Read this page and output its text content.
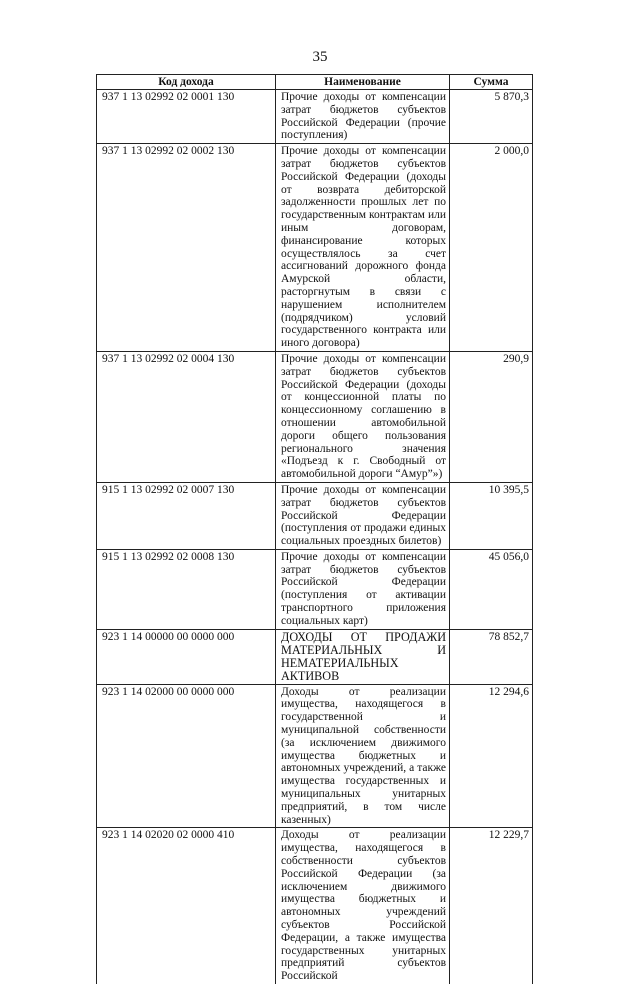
35
Код дохода	Наименование	Сумма
937 1 13 02992 02 0001 130	Прочие доходы от компенсации затрат бюджетов субъектов Российской Федерации (прочие поступления)	5 870,3
937 1 13 02992 02 0002 130	Прочие доходы от компенсации затрат бюджетов субъектов Российской Федерации (доходы от возврата дебиторской задолженности прошлых лет по государственным контрактам или иным договорам, финансирование которых осуществлялось за счет ассигнований дорожного фонда Амурской области, расторгнутым в связи с нарушением исполнителем (подрядчиком) условий государственного контракта или иного договора)	2 000,0
937 1 13 02992 02 0004 130	Прочие доходы от компенсации затрат бюджетов субъектов Российской Федерации (доходы от концессионной платы по концессионному соглашению в отношении автомобильной дороги общего пользования регионального значения «Подъезд к г. Свободный от автомобильной дороги “Амур”»)	290,9
915 1 13 02992 02 0007 130	Прочие доходы от компенсации затрат бюджетов субъектов Российской Федерации (поступления от продажи единых социальных проездных билетов)	10 395,5
915 1 13 02992 02 0008 130	Прочие доходы от компенсации затрат бюджетов субъектов Российской Федерации (поступления от активации транспортного приложения социальных карт)	45 056,0
923 1 14 00000 00 0000 000	ДОХОДЫ ОТ ПРОДАЖИ МАТЕРИАЛЬНЫХ И НЕМАТЕРИАЛЬНЫХ АКТИВОВ	78 852,7
923 1 14 02000 00 0000 000	Доходы от реализации имущества, находящегося в государственной и муниципальной собственности (за исключением движимого имущества бюджетных и автономных учреждений, а также имущества государственных и муниципальных унитарных предприятий, в том числе казенных)	12 294,6
923 1 14 02020 02 0000 410	Доходы от реализации имущества, находящегося в собственности субъектов Российской Федерации (за исключением движимого имущества бюджетных и автономных учреждений субъектов Российской Федерации, а также имущества государственных унитарных предприятий субъектов Российской	12 229,7
